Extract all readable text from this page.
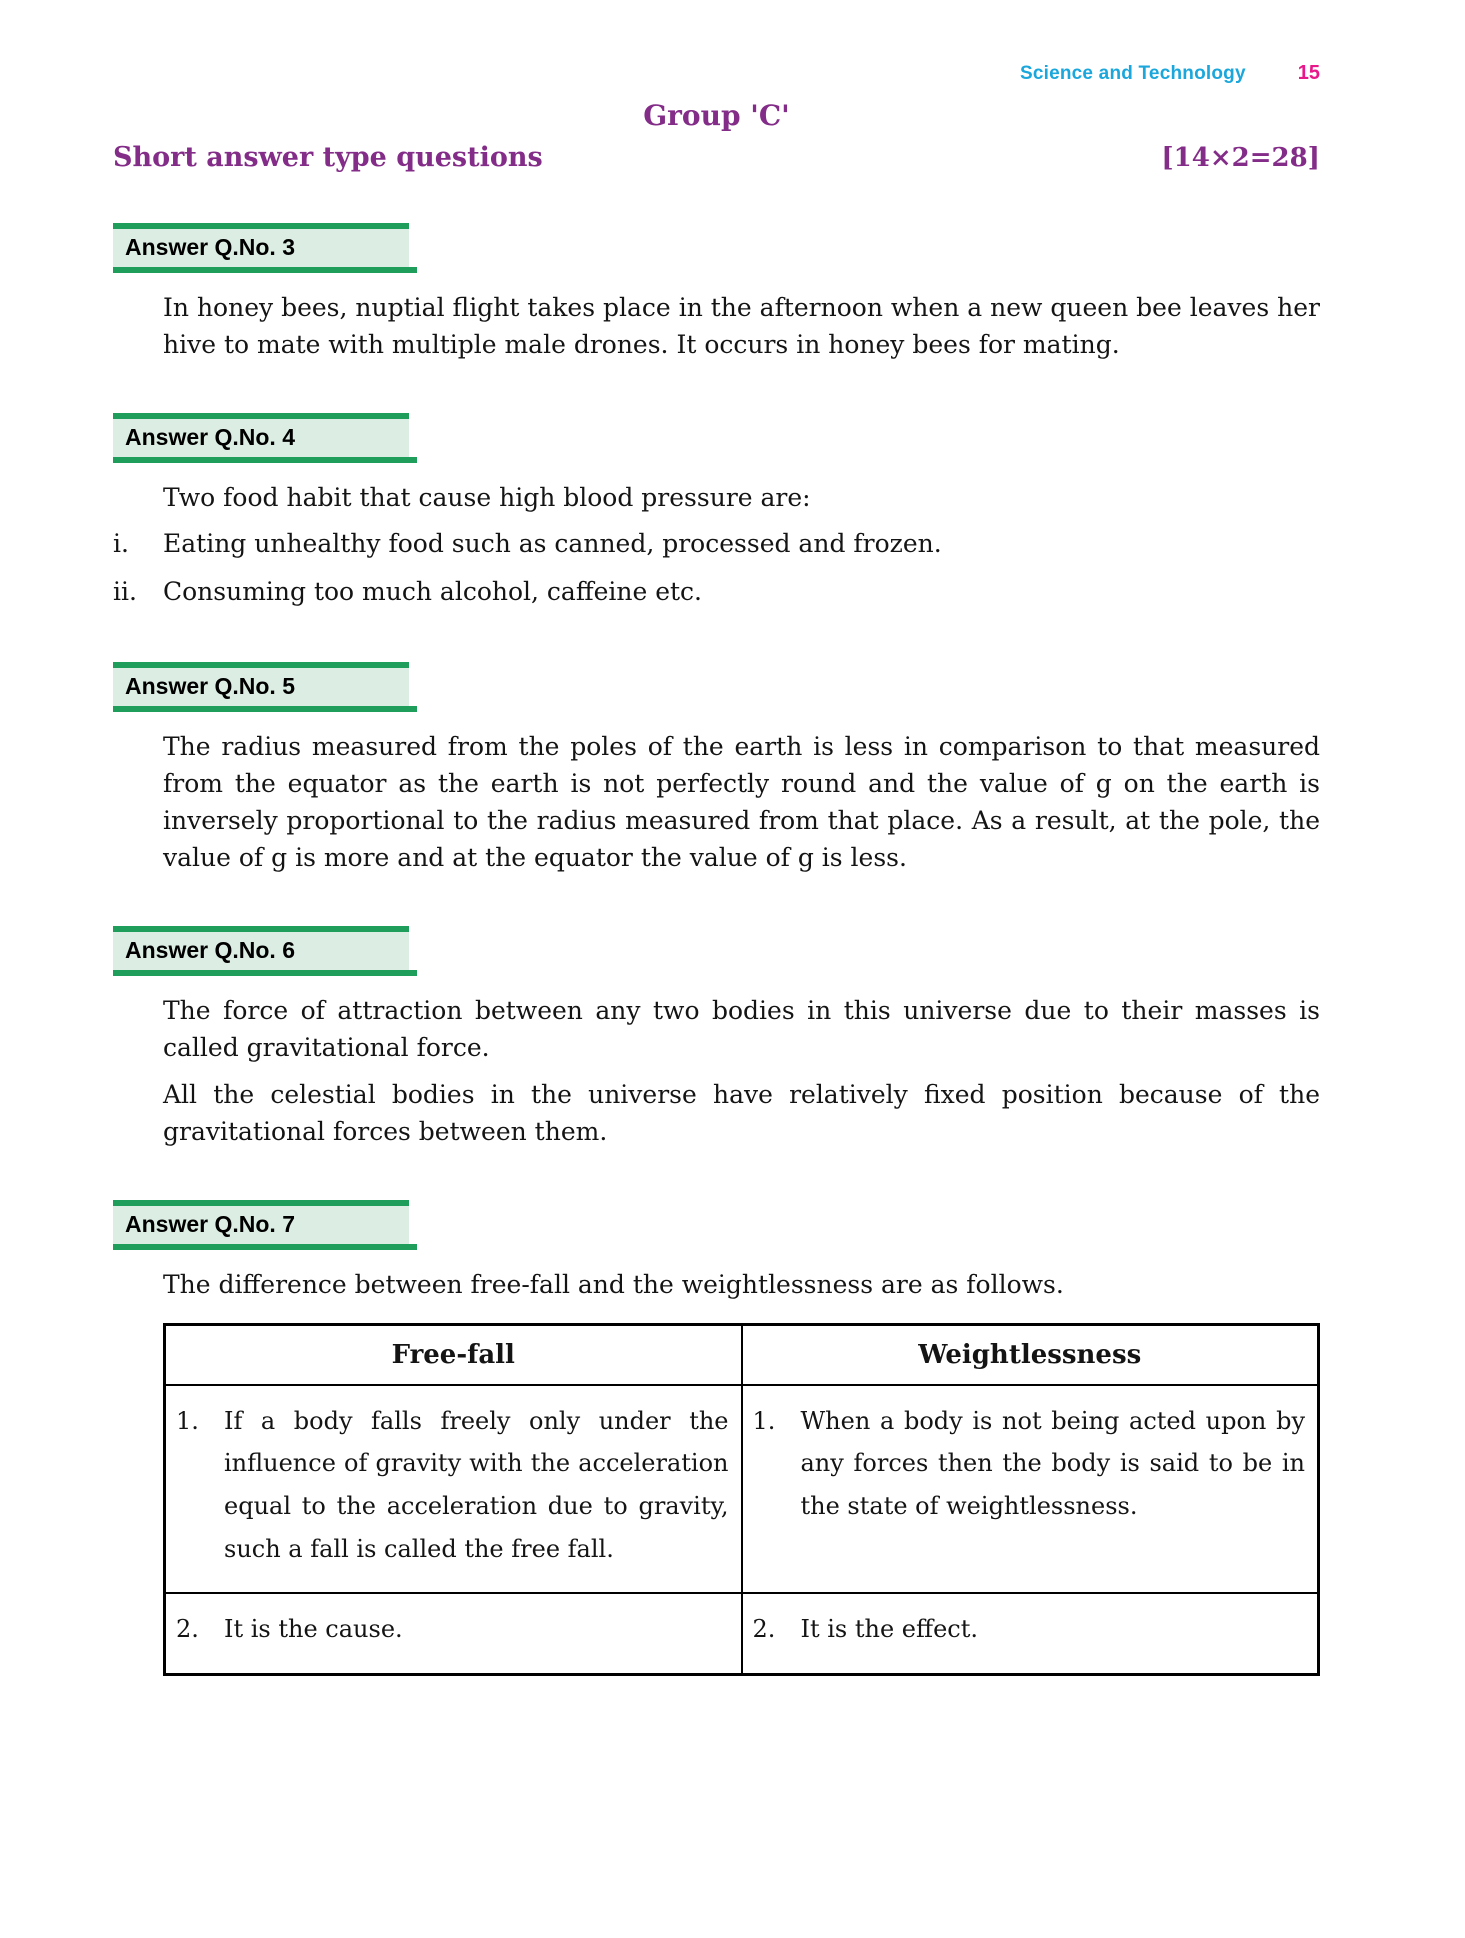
Science and Technology	15
Group 'C'
Short answer type questions	[14×2=28]
Answer Q.No. 3

In honey bees, nuptial flight takes place in the afternoon when a new queen bee leaves her hive to mate with multiple male drones. It occurs in honey bees for mating.

Answer Q.No. 4

Two food habit that cause high blood pressure are:

i.	Eating unhealthy food such as canned, processed and frozen.
ii.	Consuming too much alcohol, caffeine etc.
Answer Q.No. 5

The radius measured from the poles of the earth is less in comparison to that measured from the equator as the earth is not perfectly round and the value of g on the earth is inversely proportional to the radius measured from that place. As a result, at the pole, the value of g is more and at the equator the value of g is less.

Answer Q.No. 6

The force of attraction between any two bodies in this universe due to their masses is called gravitational force.

All the celestial bodies in the universe have relatively fixed position because of the gravitational forces between them.

Answer Q.No. 7

The difference between free-fall and the weightlessness are as follows.

Free-fall	Weightlessness

1. If a body falls freely only under the influence of gravity with the acceleration equal to the acceleration due to gravity, such a fall is called the free fall.	1. When a body is not being acted upon by any forces then the body is said to be in the state of weightlessness.

2. It is the cause.	2. It is the effect.
